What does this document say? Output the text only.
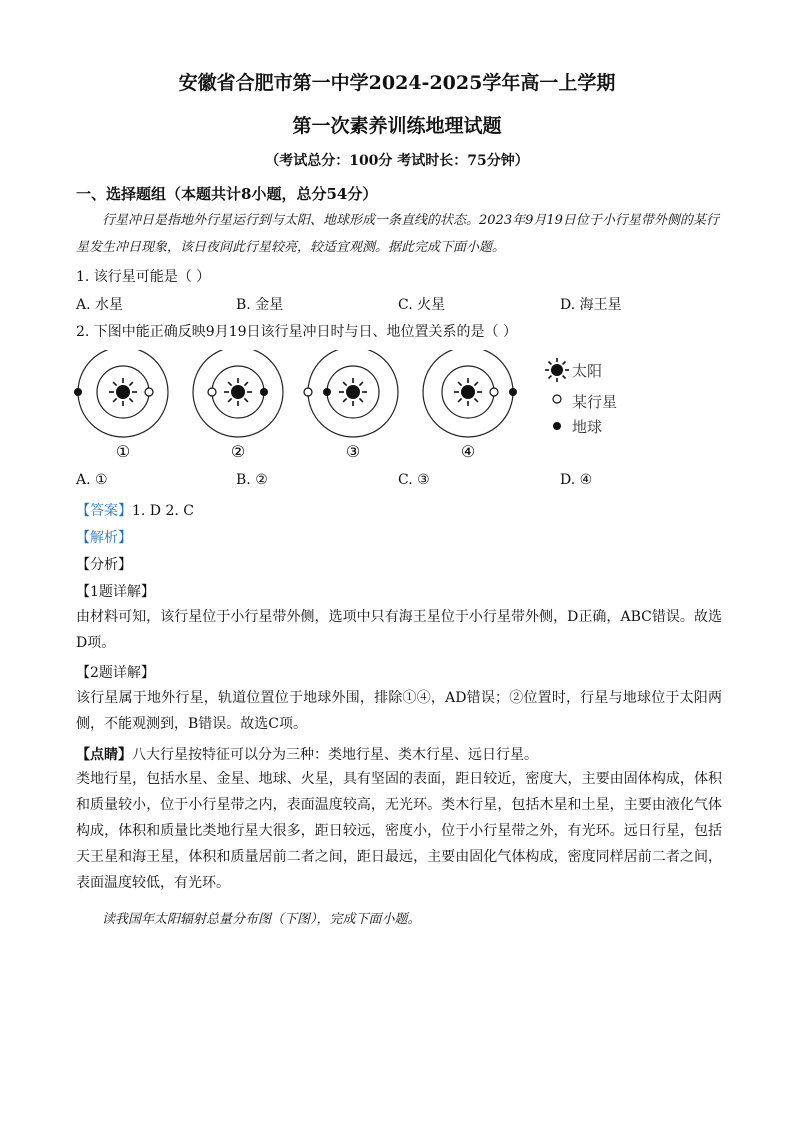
安徽省合肥市第一中学2024-2025学年高一上学期
第一次素养训练地理试题
（考试总分：100分 考试时长：75分钟）
一、选择题组（本题共计8小题，总分54分）
行星冲日是指地外行星运行到与太阳、地球形成一条直线的状态。2023年9月19日位于小行星带外侧的某行星发生冲日现象，该日夜间此行星较亮，较适宜观测。据此完成下面小题。
1. 该行星可能是（ ）
A. 水星	B. 金星	C. 火星	D. 海王星
2. 下图中能正确反映9月19日该行星冲日时与日、地位置关系的是（ ）
①	②	③	④
太阳
某行星
地球
A. ①	B. ②	C. ③	D. ④
【答案】1. D 2. C
【解析】
【分析】
【1题详解】
由材料可知，该行星位于小行星带外侧，选项中只有海王星位于小行星带外侧，D正确，ABC错误。故选D项。
【2题详解】
该行星属于地外行星，轨道位置位于地球外围，排除①④，AD错误；②位置时，行星与地球位于太阳两侧，不能观测到，B错误。故选C项。
【点睛】八大行星按特征可以分为三种：类地行星、类木行星、远日行星。
类地行星，包括水星、金星、地球、火星，具有坚固的表面，距日较近，密度大，主要由固体构成，体积和质量较小，位于小行星带之内，表面温度较高，无光环。类木行星，包括木星和土星，主要由液化气体构成，体积和质量比类地行星大很多，距日较远，密度小，位于小行星带之外，有光环。远日行星，包括天王星和海王星，体积和质量居前二者之间，距日最远，主要由固化气体构成，密度同样居前二者之间，表面温度较低，有光环。
读我国年太阳辐射总量分布图（下图），完成下面小题。
